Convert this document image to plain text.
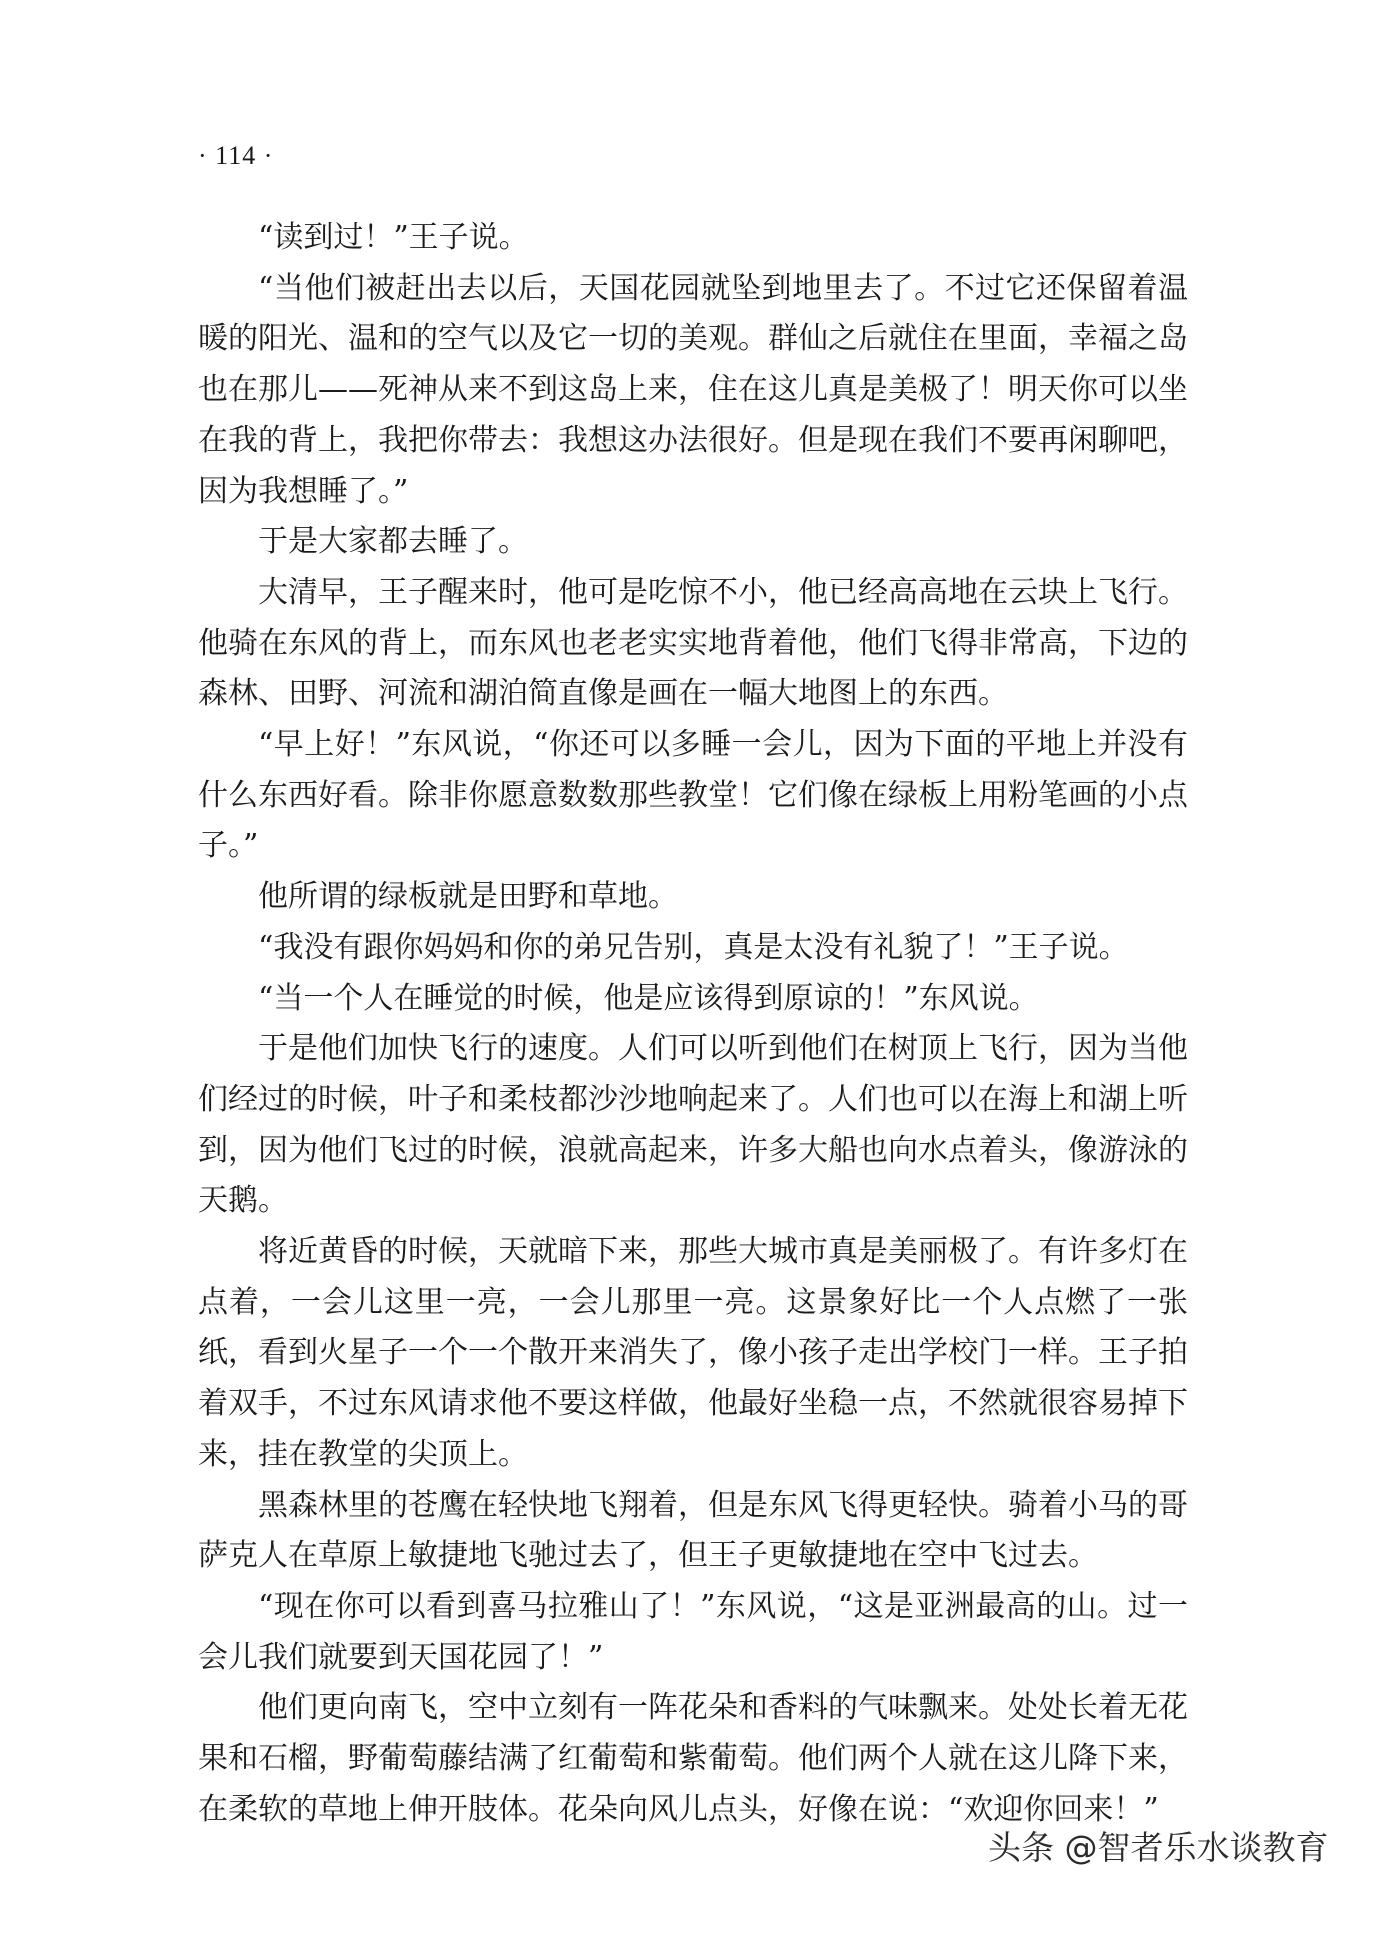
· 114 ·

“读到过！”王子说。

“当他们被赶出去以后，天国花园就坠到地里去了。不过它还保留着温暖的阳光、温和的空气以及它一切的美观。群仙之后就住在里面，幸福之岛也在那儿——死神从来不到这岛上来，住在这儿真是美极了！明天你可以坐在我的背上，我把你带去：我想这办法很好。但是现在我们不要再闲聊吧，因为我想睡了。”

于是大家都去睡了。

大清早，王子醒来时，他可是吃惊不小，他已经高高地在云块上飞行。他骑在东风的背上，而东风也老老实实地背着他，他们飞得非常高，下边的森林、田野、河流和湖泊简直像是画在一幅大地图上的东西。

“早上好！”东风说，“你还可以多睡一会儿，因为下面的平地上并没有什么东西好看。除非你愿意数数那些教堂！它们像在绿板上用粉笔画的小点子。”

他所谓的绿板就是田野和草地。

“我没有跟你妈妈和你的弟兄告别，真是太没有礼貌了！”王子说。

“当一个人在睡觉的时候，他是应该得到原谅的！”东风说。

于是他们加快飞行的速度。人们可以听到他们在树顶上飞行，因为当他们经过的时候，叶子和柔枝都沙沙地响起来了。人们也可以在海上和湖上听到，因为他们飞过的时候，浪就高起来，许多大船也向水点着头，像游泳的天鹅。

将近黄昏的时候，天就暗下来，那些大城市真是美丽极了。有许多灯在点着，一会儿这里一亮，一会儿那里一亮。这景象好比一个人点燃了一张纸，看到火星子一个一个散开来消失了，像小孩子走出学校门一样。王子拍着双手，不过东风请求他不要这样做，他最好坐稳一点，不然就很容易掉下来，挂在教堂的尖顶上。

黑森林里的苍鹰在轻快地飞翔着，但是东风飞得更轻快。骑着小马的哥萨克人在草原上敏捷地飞驰过去了，但王子更敏捷地在空中飞过去。

“现在你可以看到喜马拉雅山了！”东风说，“这是亚洲最高的山。过一会儿我们就要到天国花园了！”

他们更向南飞，空中立刻有一阵花朵和香料的气味飘来。处处长着无花果和石榴，野葡萄藤结满了红葡萄和紫葡萄。他们两个人就在这儿降下来，在柔软的草地上伸开肢体。花朵向风儿点头，好像在说：“欢迎你回来！”

头条 @智者乐水谈教育
